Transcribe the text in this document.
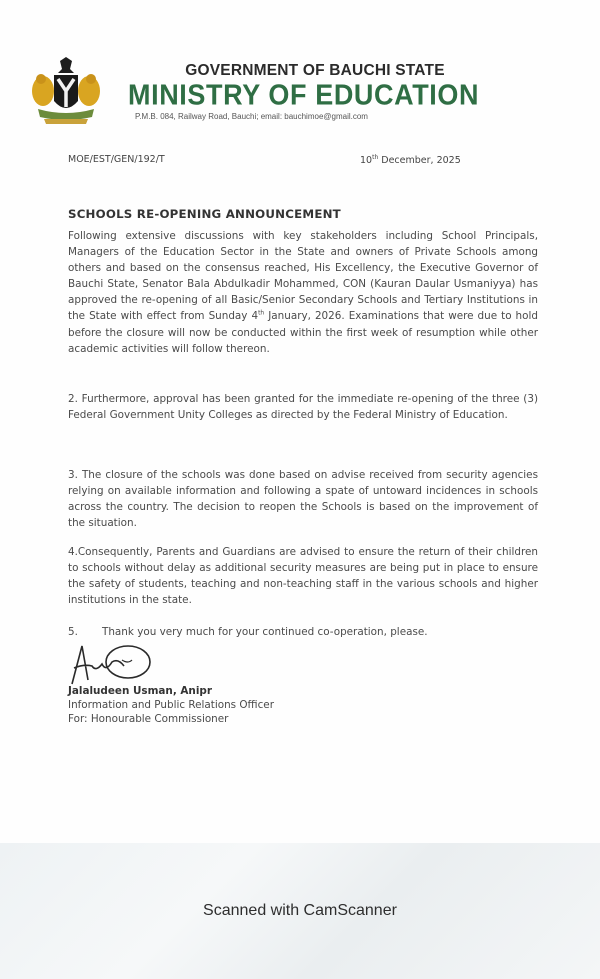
GOVERNMENT OF BAUCHI STATE
MINISTRY OF EDUCATION
P.M.B. 084, Railway Road, Bauchi; email: bauchimoe@gmail.com
MOE/EST/GEN/192/T	10th December, 2025
SCHOOLS RE-OPENING ANNOUNCEMENT
Following extensive discussions with key stakeholders including School Principals, Managers of the Education Sector in the State and owners of Private Schools among others and based on the consensus reached, His Excellency, the Executive Governor of Bauchi State, Senator Bala Abdulkadir Mohammed, CON (Kauran Daular Usmaniyya) has approved the re-opening of all Basic/Senior Secondary Schools and Tertiary Institutions in the State with effect from Sunday 4th January, 2026. Examinations that were due to hold before the closure will now be conducted within the first week of resumption while other academic activities will follow thereon.
2. Furthermore, approval has been granted for the immediate re-opening of the three (3) Federal Government Unity Colleges as directed by the Federal Ministry of Education.
3. The closure of the schools was done based on advise received from security agencies relying on available information and following a spate of untoward incidences in schools across the country. The decision to reopen the Schools is based on the improvement of the situation.
4.Consequently, Parents and Guardians are advised to ensure the return of their children to schools without delay as additional security measures are being put in place to ensure the safety of students, teaching and non-teaching staff in the various schools and higher institutions in the state.
5. Thank you very much for your continued co-operation, please.
Jalaludeen Usman, Anipr
Information and Public Relations Officer
For: Honourable Commissioner
Scanned with CamScanner
